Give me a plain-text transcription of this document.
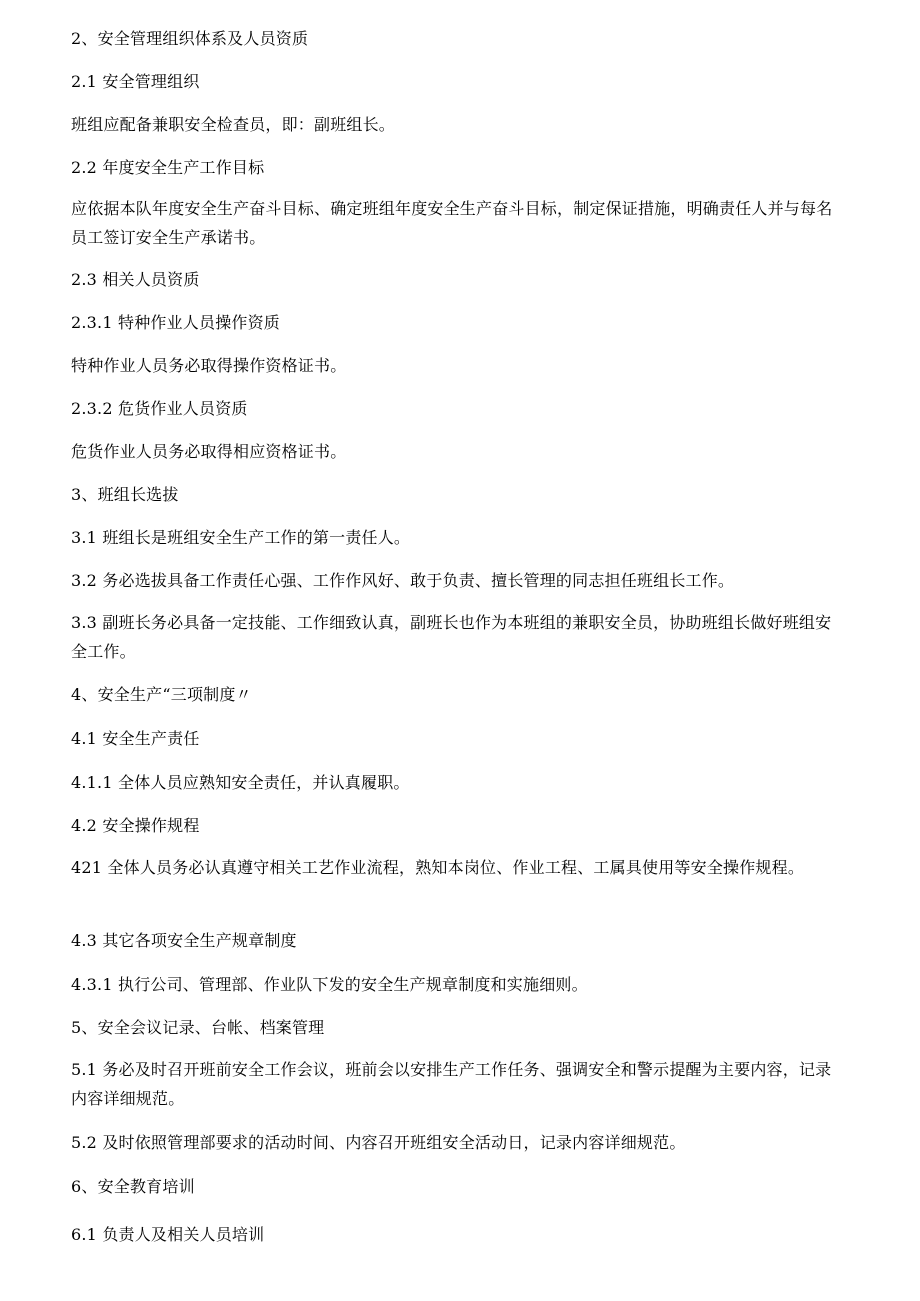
2、安全管理组织体系及人员资质

2.1 安全管理组织

班组应配备兼职安全检查员，即：副班组长。

2.2 年度安全生产工作目标

应依据本队年度安全生产奋斗目标、确定班组年度安全生产奋斗目标，制定保证措施，明确责任人并与每名员工签订安全生产承诺书。

2.3 相关人员资质

2.3.1 特种作业人员操作资质

特种作业人员务必取得操作资格证书。

2.3.2 危货作业人员资质

危货作业人员务必取得相应资格证书。

3、班组长选拔

3.1 班组长是班组安全生产工作的第一责任人。

3.2 务必选拔具备工作责任心强、工作作风好、敢于负责、擅长管理的同志担任班组长工作。

3.3 副班长务必具备一定技能、工作细致认真，副班长也作为本班组的兼职安全员，协助班组长做好班组安全工作。

4、安全生产“三项制度〃

4.1 安全生产责任

4.1.1 全体人员应熟知安全责任，并认真履职。

4.2 安全操作规程

421 全体人员务必认真遵守相关工艺作业流程，熟知本岗位、作业工程、工属具使用等安全操作规程。

4.3 其它各项安全生产规章制度

4.3.1 执行公司、管理部、作业队下发的安全生产规章制度和实施细则。

5、安全会议记录、台帐、档案管理

5.1 务必及时召开班前安全工作会议，班前会以安排生产工作任务、强调安全和警示提醒为主要内容，记录内容详细规范。

5.2 及时依照管理部要求的活动时间、内容召开班组安全活动日，记录内容详细规范。

6、安全教育培训

6.1 负责人及相关人员培训
